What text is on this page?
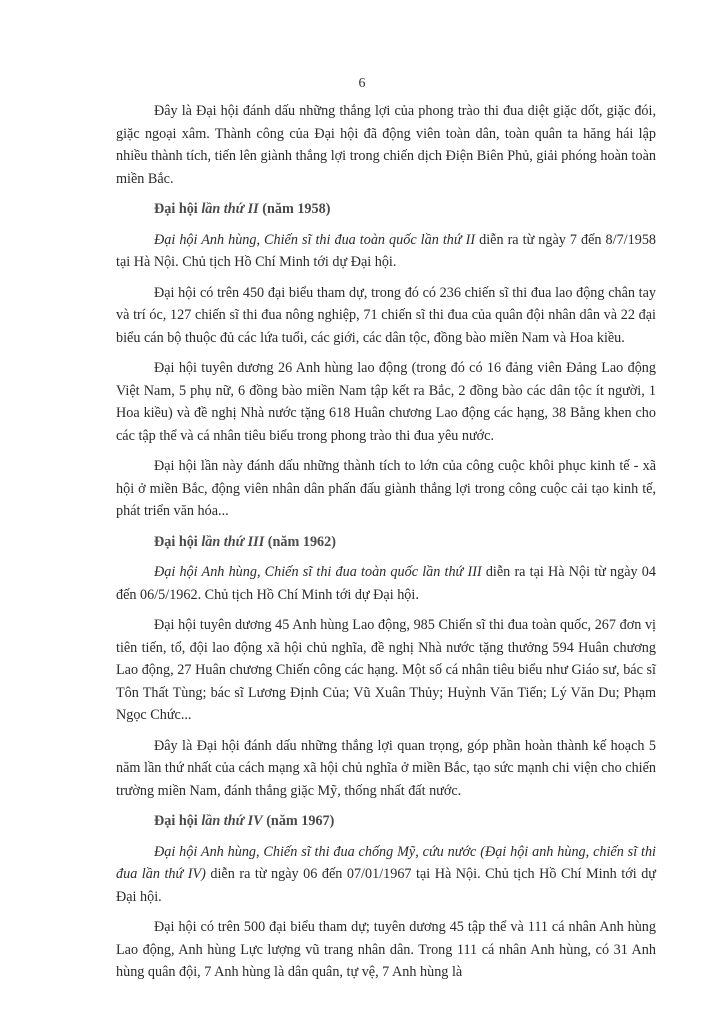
6

Đây là Đại hội đánh dấu những thắng lợi của phong trào thi đua diệt giặc dốt, giặc đói, giặc ngoại xâm. Thành công của Đại hội đã động viên toàn dân, toàn quân ta hăng hái lập nhiều thành tích, tiến lên giành thắng lợi trong chiến dịch Điện Biên Phủ, giải phóng hoàn toàn miền Bắc.

Đại hội lần thứ II (năm 1958)

Đại hội Anh hùng, Chiến sĩ thi đua toàn quốc lần thứ II diễn ra từ ngày 7 đến 8/7/1958 tại Hà Nội. Chủ tịch Hồ Chí Minh tới dự Đại hội.

Đại hội có trên 450 đại biểu tham dự, trong đó có 236 chiến sĩ thi đua lao động chân tay và trí óc, 127 chiến sĩ thi đua nông nghiệp, 71 chiến sĩ thi đua của quân đội nhân dân và 22 đại biểu cán bộ thuộc đủ các lứa tuổi, các giới, các dân tộc, đồng bào miền Nam và Hoa kiều.

Đại hội tuyên dương 26 Anh hùng lao động (trong đó có 16 đảng viên Đảng Lao động Việt Nam, 5 phụ nữ, 6 đồng bào miền Nam tập kết ra Bắc, 2 đồng bào các dân tộc ít người, 1 Hoa kiều) và đề nghị Nhà nước tặng 618 Huân chương Lao động các hạng, 38 Bằng khen cho các tập thể và cá nhân tiêu biểu trong phong trào thi đua yêu nước.

Đại hội lần này đánh dấu những thành tích to lớn của công cuộc khôi phục kinh tế - xã hội ở miền Bắc, động viên nhân dân phấn đấu giành thắng lợi trong công cuộc cải tạo kinh tế, phát triển văn hóa...

Đại hội lần thứ III (năm 1962)

Đại hội Anh hùng, Chiến sĩ thi đua toàn quốc lần thứ III diễn ra tại Hà Nội từ ngày 04 đến 06/5/1962. Chủ tịch Hồ Chí Minh tới dự Đại hội.

Đại hội tuyên dương 45 Anh hùng Lao động, 985 Chiến sĩ thi đua toàn quốc, 267 đơn vị tiên tiến, tổ, đội lao động xã hội chủ nghĩa, đề nghị Nhà nước tặng thưởng 594 Huân chương Lao động, 27 Huân chương Chiến công các hạng. Một số cá nhân tiêu biểu như Giáo sư, bác sĩ Tôn Thất Tùng; bác sĩ Lương Định Của; Vũ Xuân Thủy; Huỳnh Văn Tiến; Lý Văn Du; Phạm Ngọc Chức...

Đây là Đại hội đánh dấu những thắng lợi quan trọng, góp phần hoàn thành kế hoạch 5 năm lần thứ nhất của cách mạng xã hội chủ nghĩa ở miền Bắc, tạo sức mạnh chi viện cho chiến trường miền Nam, đánh thắng giặc Mỹ, thống nhất đất nước.

Đại hội lần thứ IV (năm 1967)

Đại hội Anh hùng, Chiến sĩ thi đua chống Mỹ, cứu nước (Đại hội anh hùng, chiến sĩ thi đua lần thứ IV) diễn ra từ ngày 06 đến 07/01/1967 tại Hà Nội. Chủ tịch Hồ Chí Minh tới dự Đại hội.

Đại hội có trên 500 đại biểu tham dự; tuyên dương 45 tập thể và 111 cá nhân Anh hùng Lao động, Anh hùng Lực lượng vũ trang nhân dân. Trong 111 cá nhân Anh hùng, có 31 Anh hùng quân đội, 7 Anh hùng là dân quân, tự vệ, 7 Anh hùng là
